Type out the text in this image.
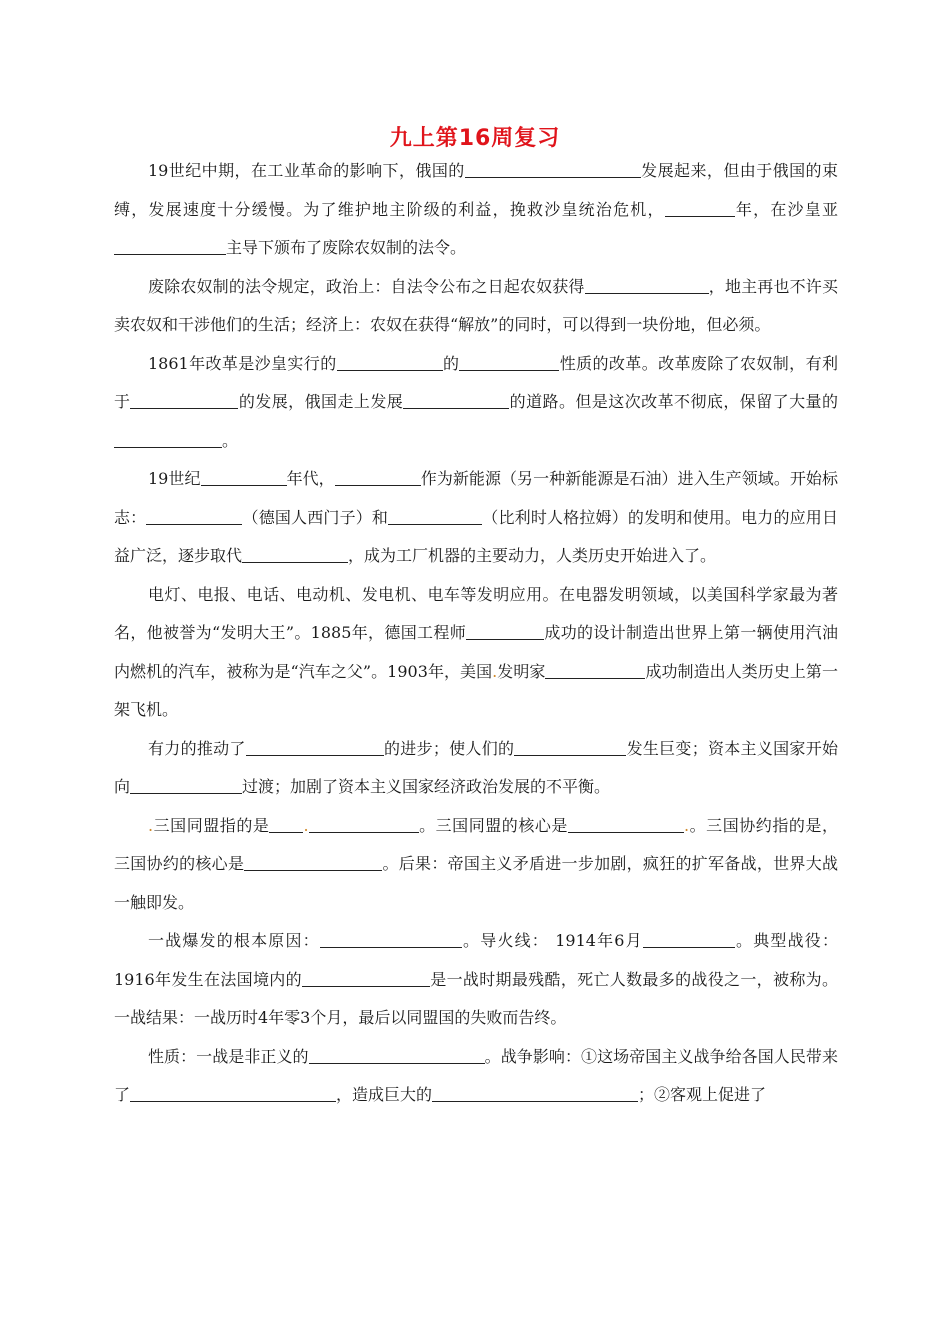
九上第16周复习

19世纪中期，在工业革命的影响下，俄国的	发展起来，但由于俄国的束缚，发展速度十分缓慢。为了维护地主阶级的利益，挽救沙皇统治危机，	年，在沙皇亚主导下颁布了废除农奴制的法令。

废除农奴制的法令规定，政治上：自法令公布之日起农奴获得	，地主再也不许买卖农奴和干涉他们的生活；经济上：农奴在获得“解放”的同时，可以得到一块份地，但必须。

1861年改革是沙皇实行的	的	性质的改革。改革废除了农奴制，有利于	的发展，俄国走上发展	的道路。但是这次改革不彻底，保留了大量的。

19世纪	年代，	作为新能源（另一种新能源是石油）进入生产领域。开始标志：	（德国人西门子）和	（比利时人格拉姆）的发明和使用。电力的应用日益广泛，逐步取代	，成为工厂机器的主要动力，人类历史开始进入了。

电灯、电报、电话、电动机、发电机、电车等发明应用。在电器发明领域，以美国科学家最为著名，他被誉为“发明大王”。1885年，德国工程师	成功的设计制造出世界上第一辆使用汽油内燃机的汽车，被称为是“汽车之父”。1903年，美国.发明家	成功制造出人类历史上第一架飞机。

有力的推动了	的进步；使人们的	发生巨变；资本主义国家开始向	过渡；加剧了资本主义国家经济政治发展的不平衡。

.三国同盟指的是 .	。三国同盟的核心是	.。三国协约指的是，三国协约的核心是	。后果：帝国主义矛盾进一步加剧，疯狂的扩军备战，世界大战一触即发。

一战爆发的根本原因：	。导火线： 1914年6月	。典型战役：1916年发生在法国境内的	是一战时期最残酷，死亡人数最多的战役之一，被称为。一战结果：一战历时4年零3个月，最后以同盟国的失败而告终。

性质：一战是非正义的	。战争影响：①这场帝国主义战争给各国人民带来了	，造成巨大的	；②客观上促进了
